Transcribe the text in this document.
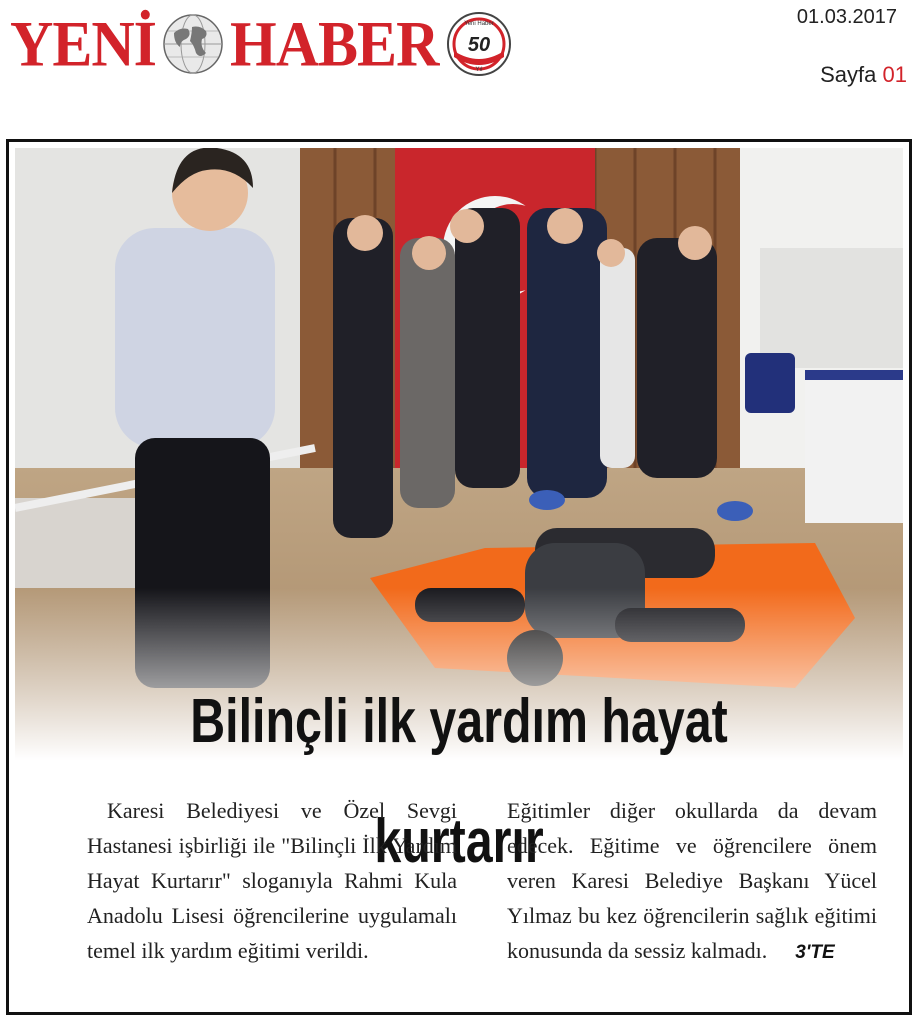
YENİ HABER	Yeni Haber
50
Yıl
01.03.2017
Sayfa 01
Bilinçli ilk yardım hayat kurtarır

Karesi Belediyesi ve Özel Sevgi Hastanesi işbirliği ile "Bilinçli İlk Yardım Hayat Kurtarır" sloganıyla Rahmi Kula Anadolu Lisesi öğrencilerine uygulamalı temel ilk yardım eğitimi verildi.

Eğitimler diğer okullarda da devam edecek. Eğitime ve öğrencilere önem veren Karesi Belediye Başkanı Yücel Yılmaz bu kez öğrencilerin sağlık eğitimi konusunda da sessiz kalmadı. 3'TE
